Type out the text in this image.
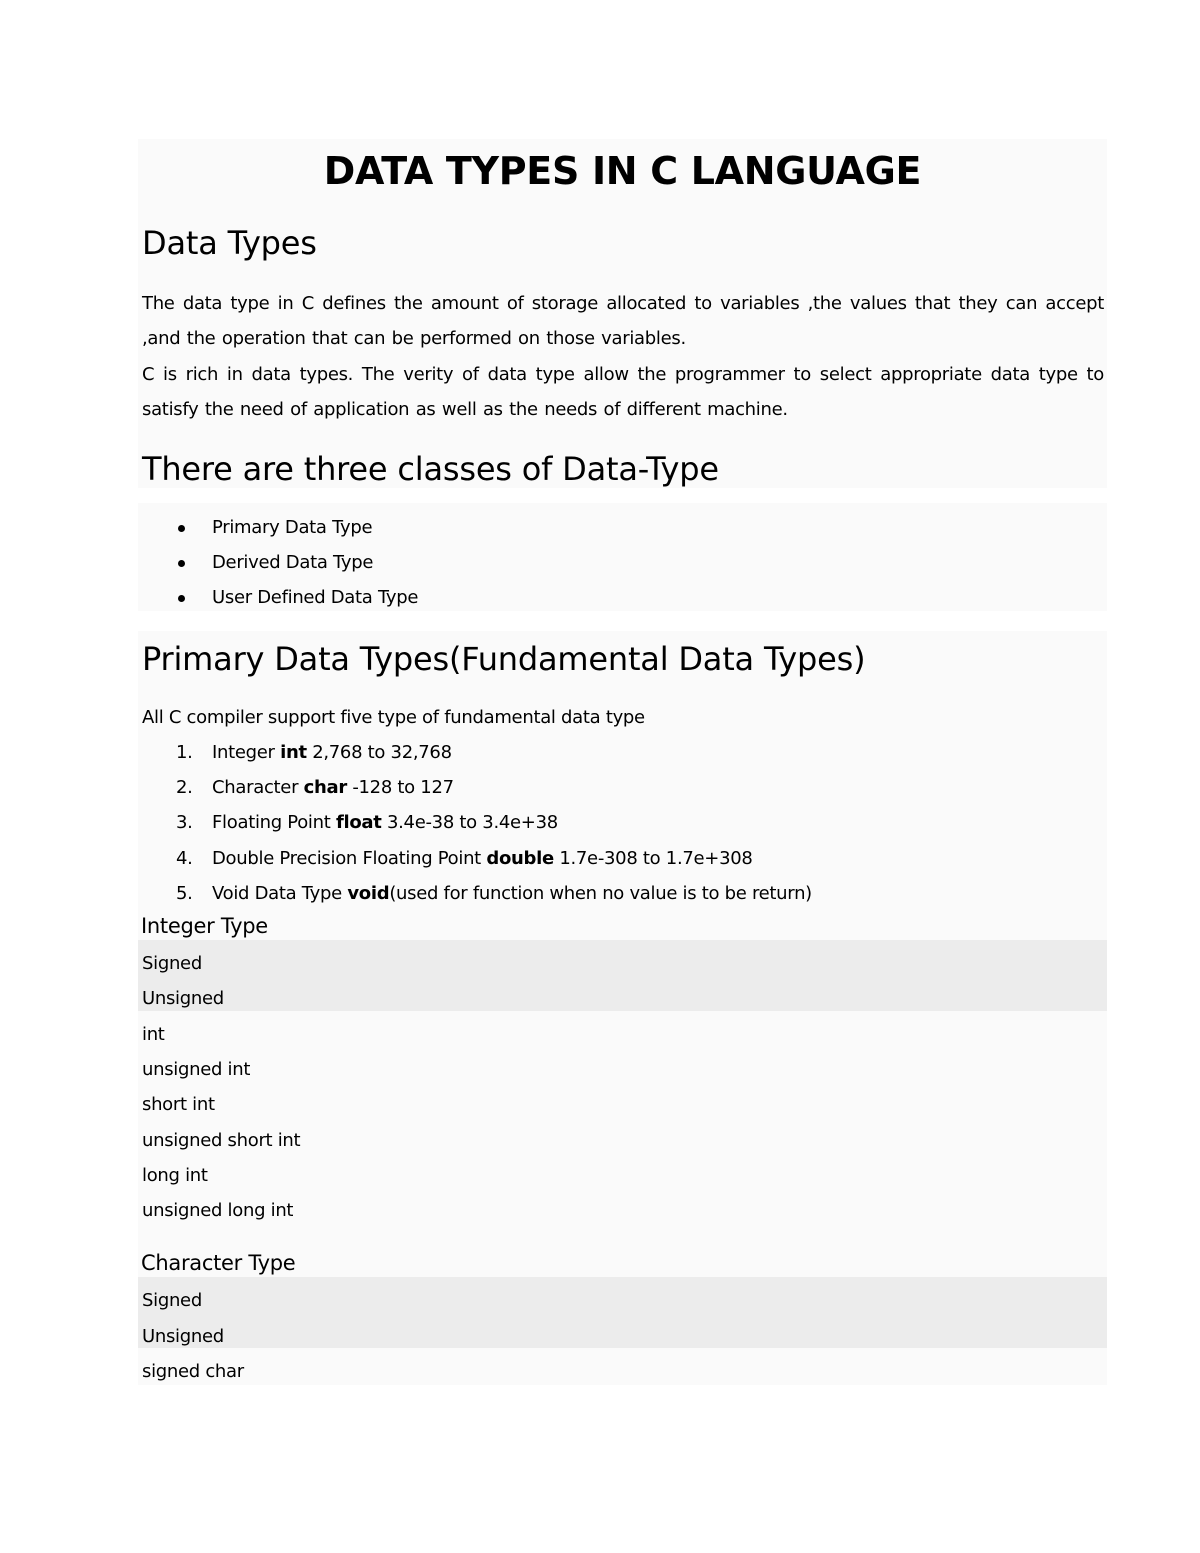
DATA TYPES IN C LANGUAGE
Data Types
The data type in C defines the amount of storage allocated to variables ,the values that they can accept ,and the operation that can be performed on those variables.
C is rich in data types. The verity of data type allow the programmer to select appropriate data type to satisfy the need of application as well as the needs of different machine.
There are three classes of Data-Type
Primary Data Type
Derived Data Type
User Defined Data Type
Primary Data Types(Fundamental Data Types)
All C compiler support five type of fundamental data type
1. Integer int 2,768 to 32,768
2. Character char -128 to 127
3. Floating Point float 3.4e-38 to 3.4e+38
4. Double Precision Floating Point double 1.7e-308 to 1.7e+308
5. Void Data Type void(used for function when no value is to be return)
Integer Type
Signed
Unsigned
int
unsigned int
short int
unsigned short int
long int
unsigned long int
Character Type
Signed
Unsigned
signed char
